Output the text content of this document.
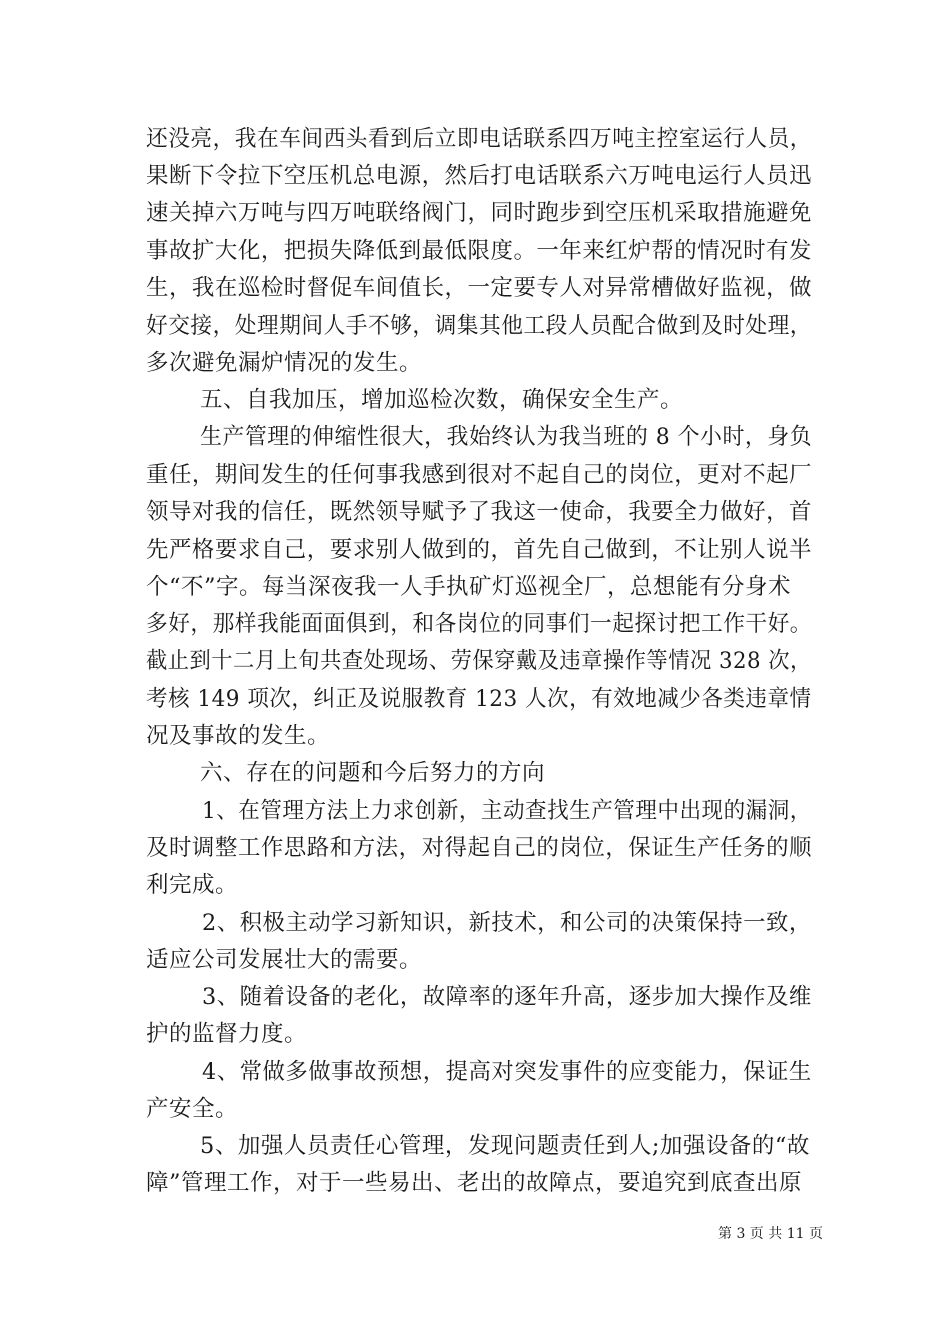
还没亮，我在车间西头看到后立即电话联系四万吨主控室运行人员，
果断下令拉下空压机总电源，然后打电话联系六万吨电运行人员迅
速关掉六万吨与四万吨联络阀门，同时跑步到空压机采取措施避免
事故扩大化，把损失降低到最低限度。一年来红炉帮的情况时有发
生，我在巡检时督促车间值长，一定要专人对异常槽做好监视，做
好交接，处理期间人手不够，调集其他工段人员配合做到及时处理，
多次避免漏炉情况的发生。
五、自我加压，增加巡检次数，确保安全生产。
生产管理的伸缩性很大，我始终认为我当班的 8 个小时，身负
重任，期间发生的任何事我感到很对不起自己的岗位，更对不起厂
领导对我的信任，既然领导赋予了我这一使命，我要全力做好，首
先严格要求自己，要求别人做到的，首先自己做到，不让别人说半
个“不”字。每当深夜我一人手执矿灯巡视全厂，总想能有分身术
多好，那样我能面面俱到，和各岗位的同事们一起探讨把工作干好。
截止到十二月上旬共查处现场、劳保穿戴及违章操作等情况 328 次，
考核 149 项次，纠正及说服教育 123 人次，有效地减少各类违章情
况及事故的发生。
六、存在的问题和今后努力的方向
1、在管理方法上力求创新，主动查找生产管理中出现的漏洞，
及时调整工作思路和方法，对得起自己的岗位，保证生产任务的顺
利完成。
2、积极主动学习新知识，新技术，和公司的决策保持一致，
适应公司发展壮大的需要。
3、随着设备的老化，故障率的逐年升高，逐步加大操作及维
护的监督力度。
4、常做多做事故预想，提高对突发事件的应变能力，保证生
产安全。
5、加强人员责任心管理，发现问题责任到人;加强设备的“故
障”管理工作，对于一些易出、老出的故障点，要追究到底查出原
第 3 页 共 11 页
